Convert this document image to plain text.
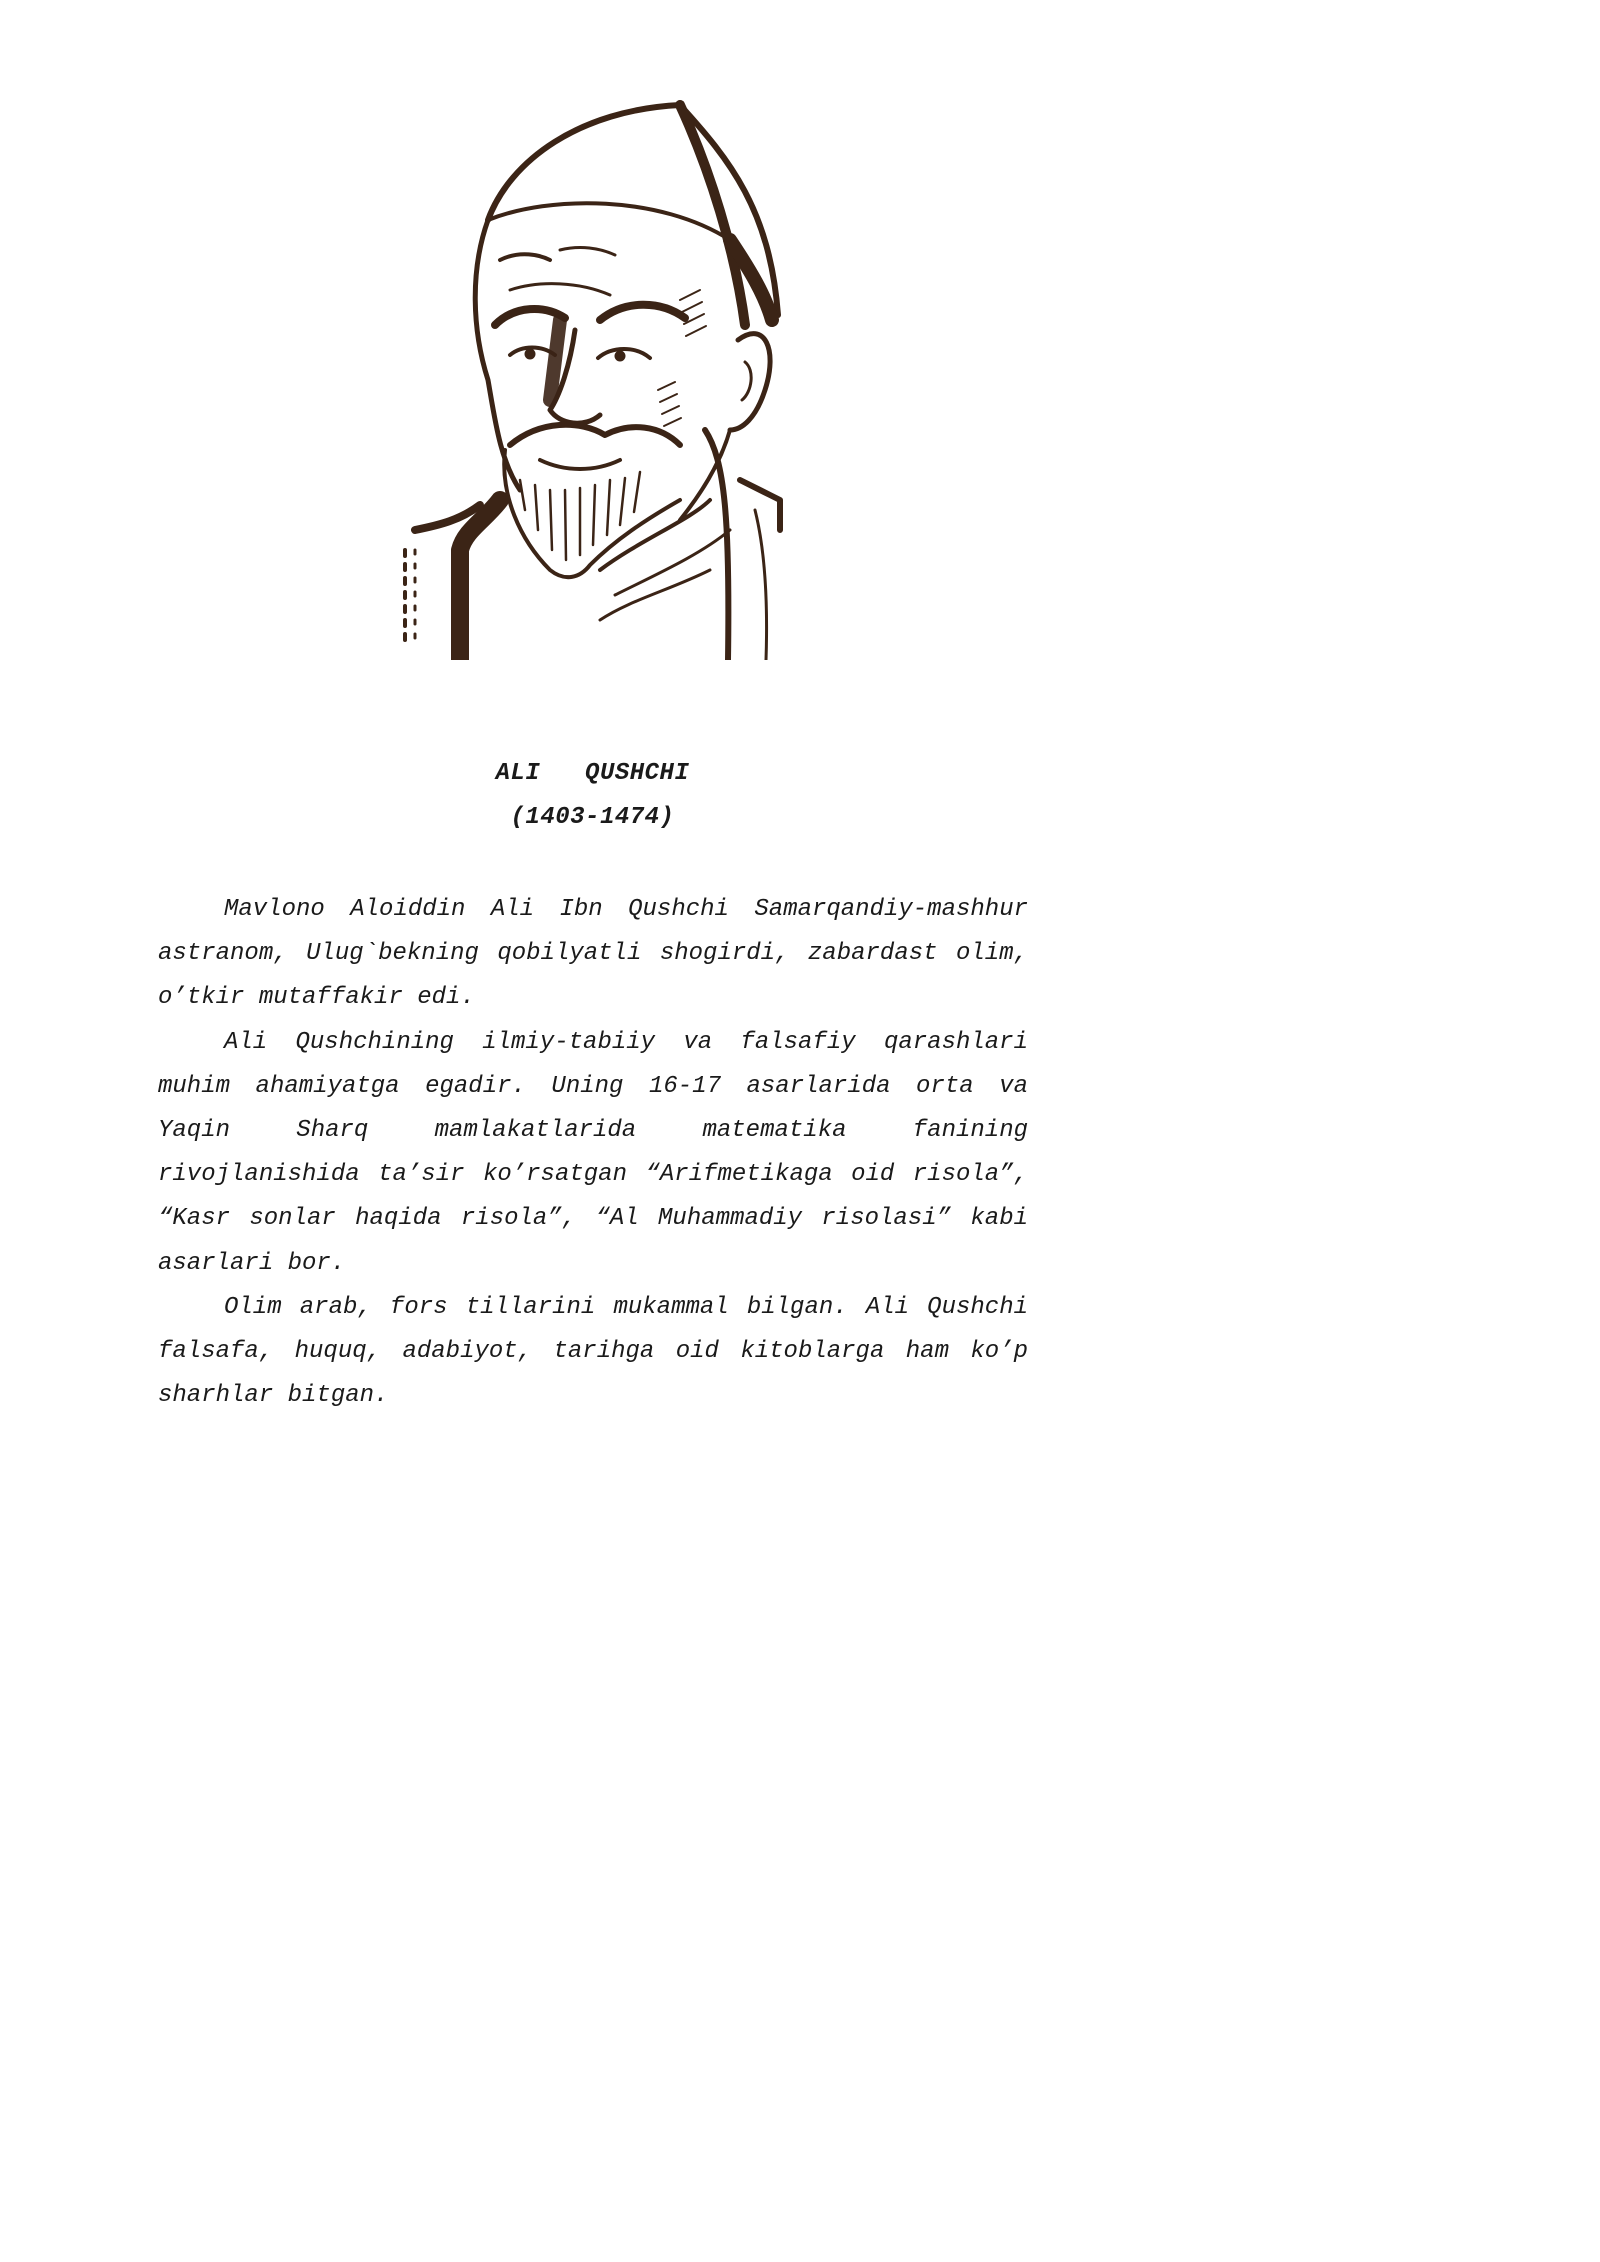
ALI   QUSHCHI
(1403-1474)

Mavlono Aloiddin Ali Ibn Qushchi Samarqandiy-mashhur astranom, Ulug`bekning qobilyatli shogirdi, zabardast olim, o’tkir mutaffakir edi.

Ali Qushchining ilmiy-tabiiy va falsafiy qarashlari muhim ahamiyatga egadir. Uning 16-17 asarlarida orta va Yaqin Sharq mamlakatlarida matematika fanining rivojlanishida ta’sir ko’rsatgan “Arifmetikaga oid risola”, “Kasr sonlar haqida risola”, “Al Muhammadiy risolasi” kabi asarlari bor.

Olim arab, fors tillarini mukammal bilgan. Ali Qushchi falsafa, huquq, adabiyot, tarihga oid kitoblarga ham ko’p sharhlar bitgan.
